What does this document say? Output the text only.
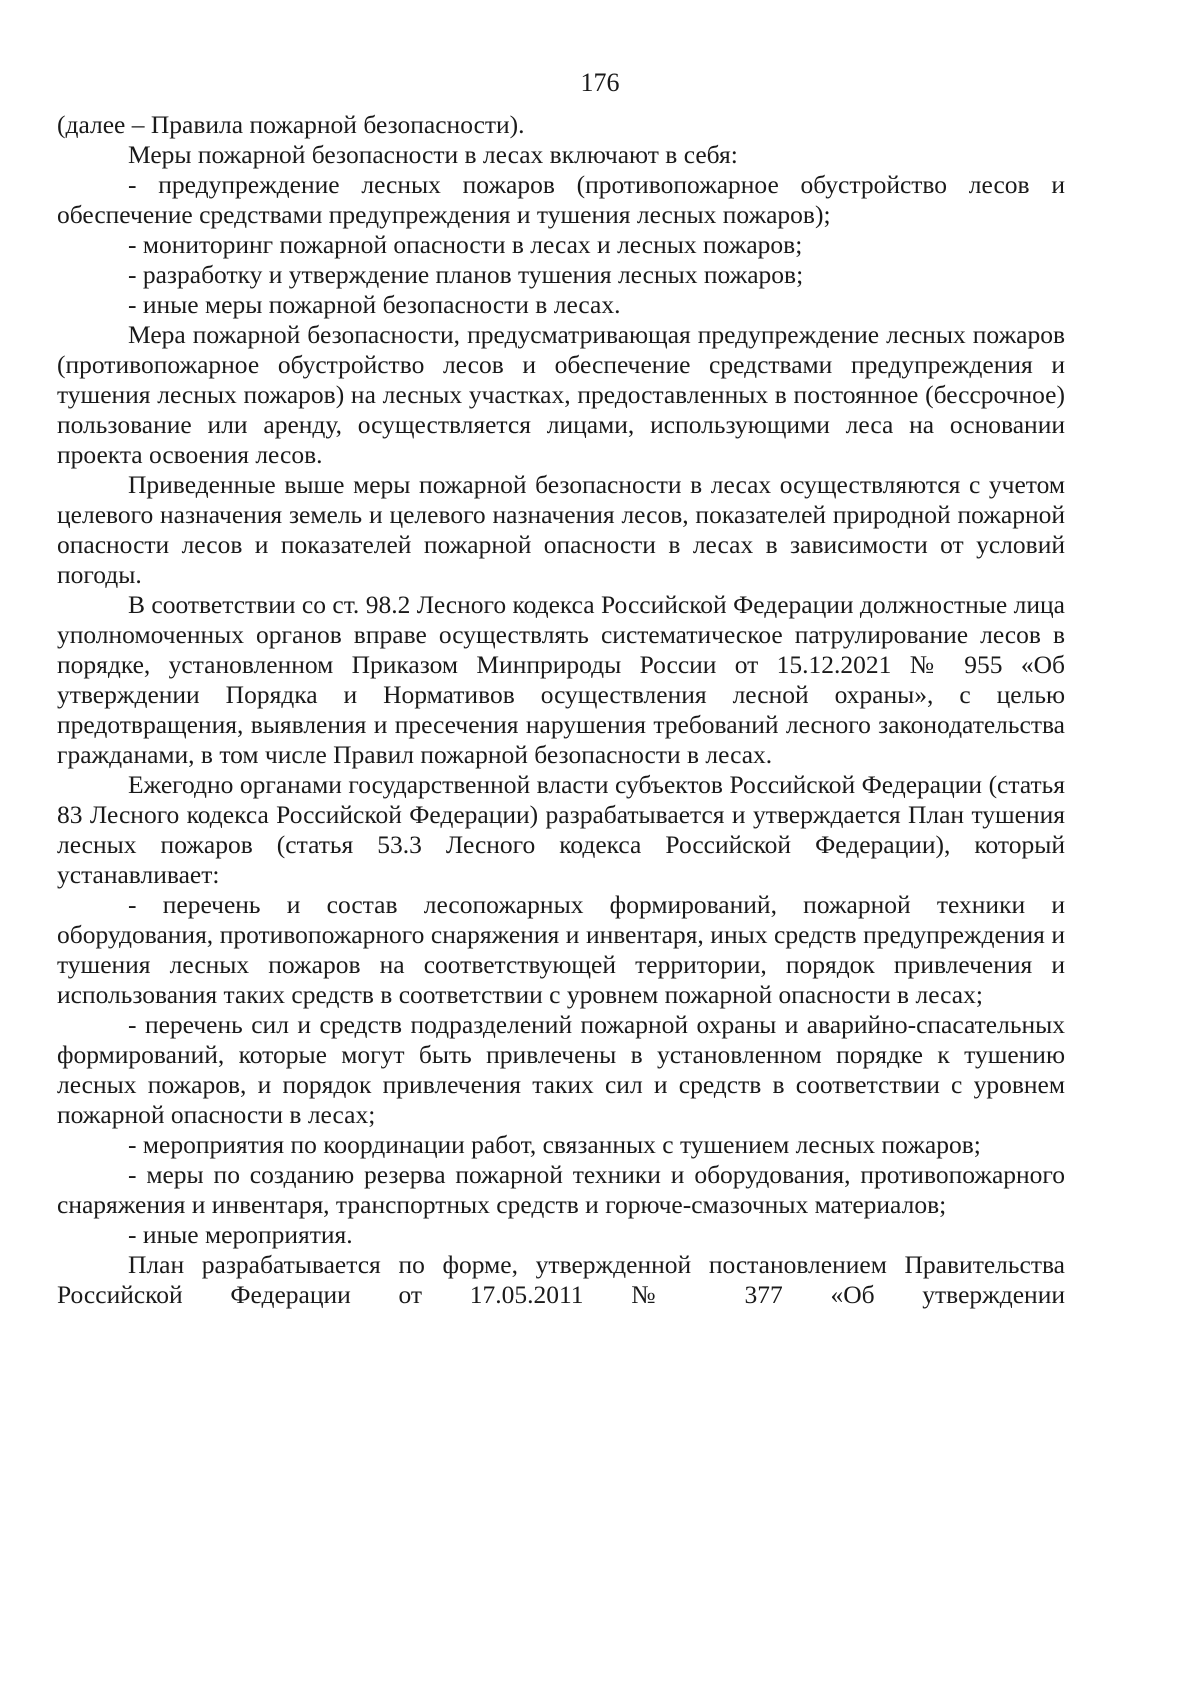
176

(далее – Правила пожарной безопасности).

Меры пожарной безопасности в лесах включают в себя:

- предупреждение лесных пожаров (противопожарное обустройство лесов и обеспечение средствами предупреждения и тушения лесных пожаров);

- мониторинг пожарной опасности в лесах и лесных пожаров;

- разработку и утверждение планов тушения лесных пожаров;

- иные меры пожарной безопасности в лесах.

Мера пожарной безопасности, предусматривающая предупреждение лесных пожаров (противопожарное обустройство лесов и обеспечение средствами предупреждения и тушения лесных пожаров) на лесных участках, предоставленных в постоянное (бессрочное) пользование или аренду, осуществляется лицами, использующими леса на основании проекта освоения лесов.

Приведенные выше меры пожарной безопасности в лесах осуществляются с учетом целевого назначения земель и целевого назначения лесов, показателей природной пожарной опасности лесов и показателей пожарной опасности в лесах в зависимости от условий погоды.

В соответствии со ст. 98.2 Лесного кодекса Российской Федерации должностные лица уполномоченных органов вправе осуществлять систематическое патрулирование лесов в порядке, установленном Приказом Минприроды России от 15.12.2021 № 955 «Об утверждении Порядка и Нормативов осуществления лесной охраны», с целью предотвращения, выявления и пресечения нарушения требований лесного законодательства гражданами, в том числе Правил пожарной безопасности в лесах.

Ежегодно органами государственной власти субъектов Российской Федерации (статья 83 Лесного кодекса Российской Федерации) разрабатывается и утверждается План тушения лесных пожаров (статья 53.3 Лесного кодекса Российской Федерации), который устанавливает:

- перечень и состав лесопожарных формирований, пожарной техники и оборудования, противопожарного снаряжения и инвентаря, иных средств предупреждения и тушения лесных пожаров на соответствующей территории, порядок привлечения и использования таких средств в соответствии с уровнем пожарной опасности в лесах;

- перечень сил и средств подразделений пожарной охраны и аварийно-спасательных формирований, которые могут быть привлечены в установленном порядке к тушению лесных пожаров, и порядок привлечения таких сил и средств в соответствии с уровнем пожарной опасности в лесах;

- мероприятия по координации работ, связанных с тушением лесных пожаров;

- меры по созданию резерва пожарной техники и оборудования, противопожарного снаряжения и инвентаря, транспортных средств и горюче-смазочных материалов;

- иные мероприятия.

План разрабатывается по форме, утвержденной постановлением Правительства Российской Федерации от 17.05.2011 № 377 «Об утверждении
